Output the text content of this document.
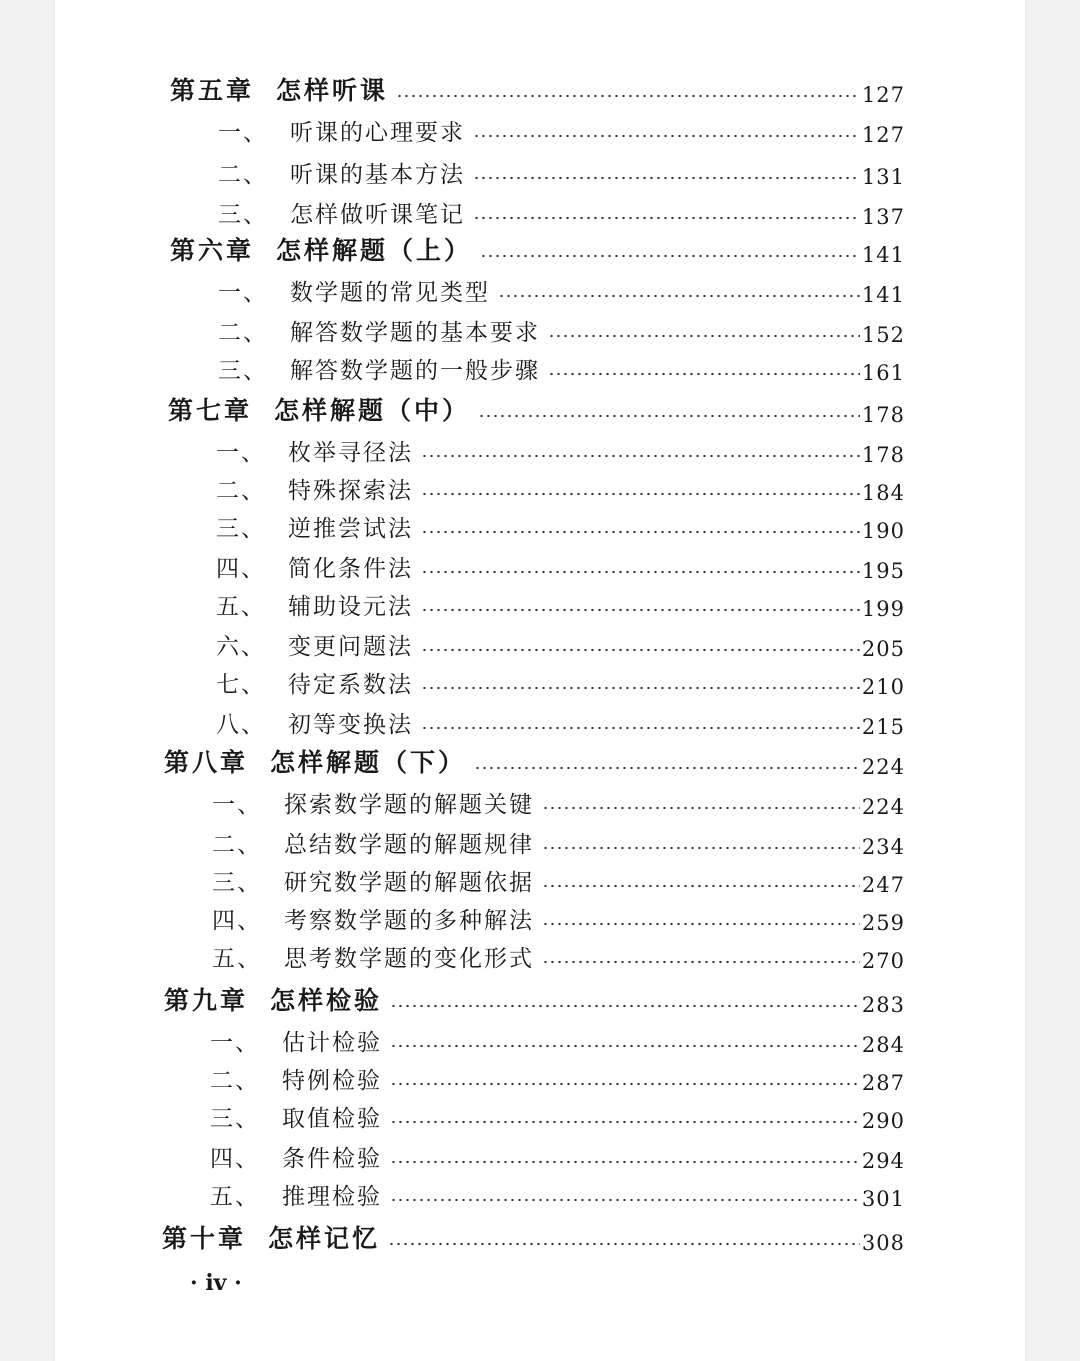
第五章 怎样听课	127
一、 听课的心理要求	127
二、 听课的基本方法	131
三、 怎样做听课笔记	137
第六章 怎样解题（上）	141
一、 数学题的常见类型	141
二、 解答数学题的基本要求	152
三、 解答数学题的一般步骤	161
第七章 怎样解题（中）	178
一、 枚举寻径法	178
二、 特殊探索法	184
三、 逆推尝试法	190
四、 简化条件法	195
五、 辅助设元法	199
六、 变更问题法	205
七、 待定系数法	210
八、 初等变换法	215
第八章 怎样解题（下）	224
一、 探索数学题的解题关键	224
二、 总结数学题的解题规律	234
三、 研究数学题的解题依据	247
四、 考察数学题的多种解法	259
五、 思考数学题的变化形式	270
第九章 怎样检验	283
一、 估计检验	284
二、 特例检验	287
三、 取值检验	290
四、 条件检验	294
五、 推理检验	301
第十章 怎样记忆	308
· iv ·
